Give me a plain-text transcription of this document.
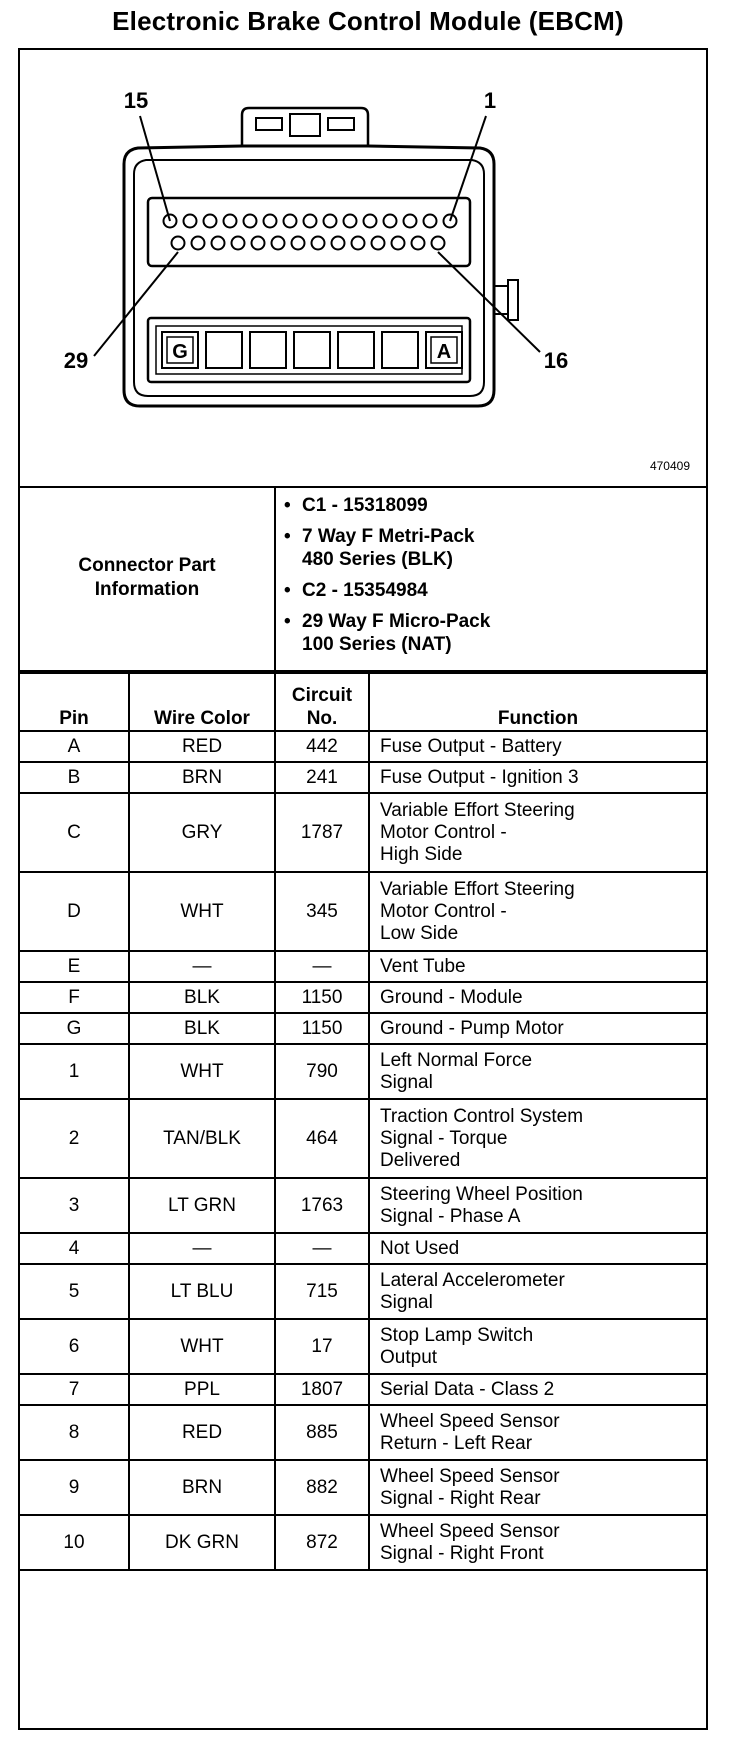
Electronic Brake Control Module (EBCM)
G	A
15	1
29	16
470409
Connector Part
Information
• C1 - 15318099
• 7 Way F Metri-Pack
480 Series (BLK)
• C2 - 15354984
• 29 Way F Micro-Pack
100 Series (NAT)
Pin	Wire Color	Circuit
No.	Function
A	RED	442	Fuse Output - Battery

B	BRN	241	Fuse Output - Ignition 3

C	GRY	1787	Variable Effort Steering
Motor Control -
High Side

D	WHT	345	Variable Effort Steering
Motor Control -
Low Side

E	—	—	Vent Tube

F	BLK	1150	Ground - Module

G	BLK	1150	Ground - Pump Motor

1	WHT	790	Left Normal Force
Signal

2	TAN/BLK	464	Traction Control System
Signal - Torque
Delivered

3	LT GRN	1763	Steering Wheel Position
Signal - Phase A

4	—	—	Not Used

5	LT BLU	715	Lateral Accelerometer
Signal

6	WHT	17	Stop Lamp Switch
Output

7	PPL	1807	Serial Data - Class 2

8	RED	885	Wheel Speed Sensor
Return - Left Rear

9	BRN	882	Wheel Speed Sensor
Signal - Right Rear

10	DK GRN	872	Wheel Speed Sensor
Signal - Right Front
